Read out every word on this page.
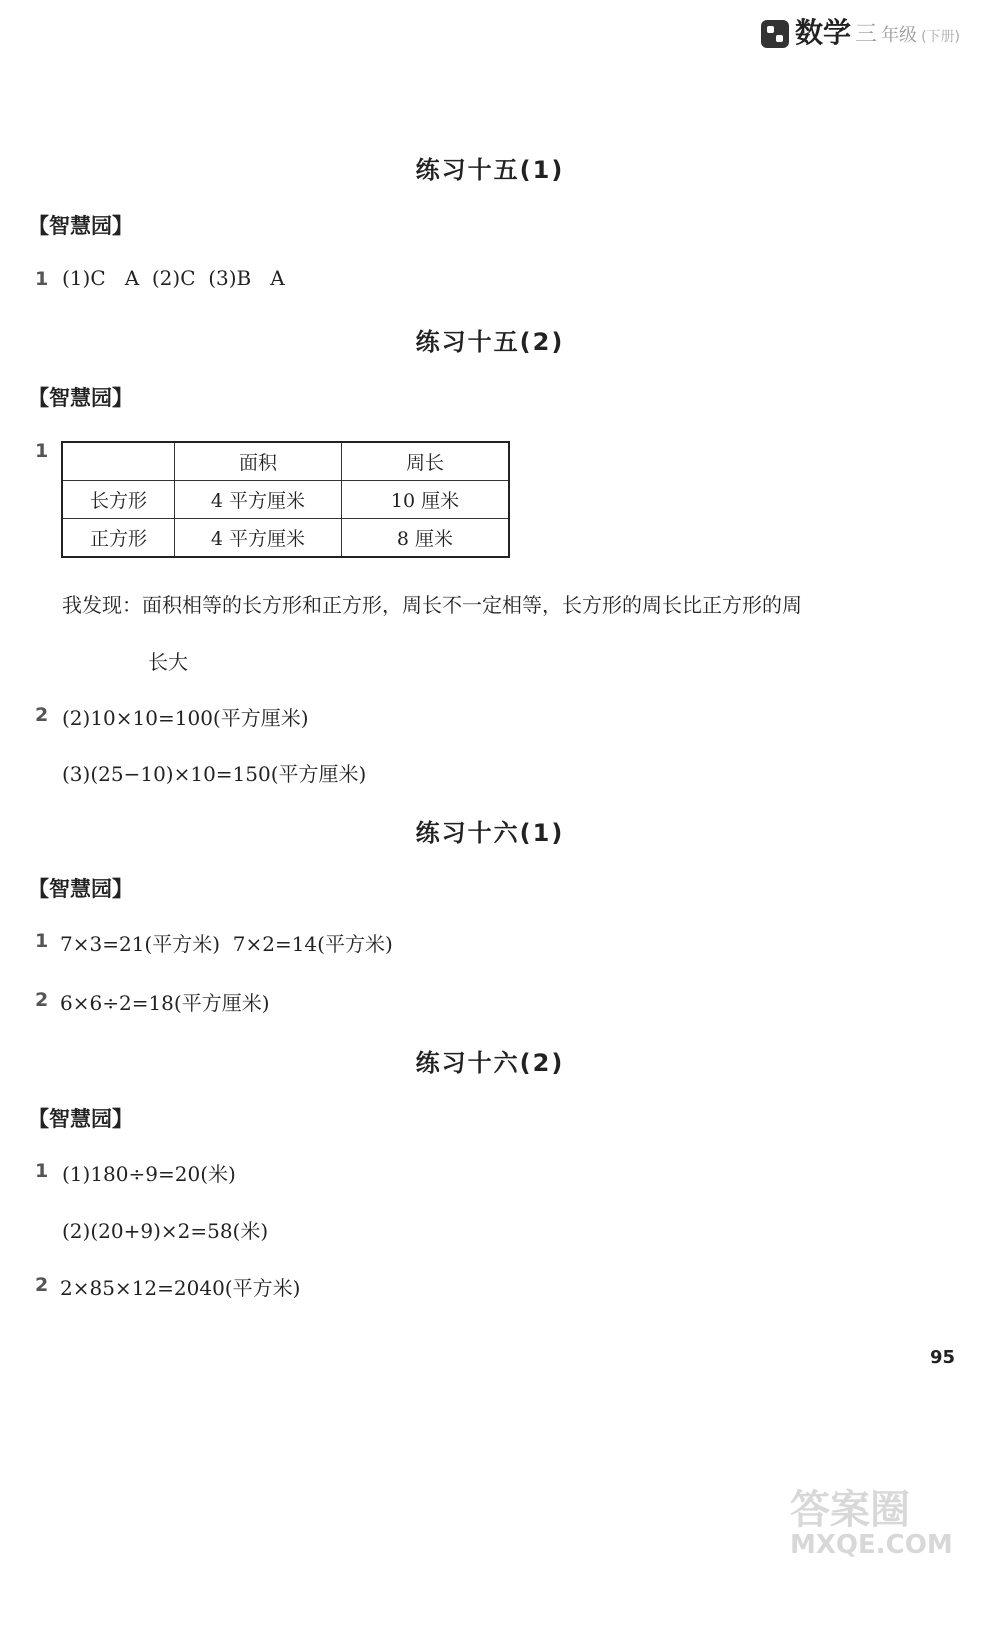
数学 三 年级 (下册)
练习十五(1)
【智慧园】
1 (1)C   A  (2)C  (3)B   A
练习十五(2)
【智慧园】
1
	面积	周长
长方形	4 平方厘米	10 厘米
正方形	4 平方厘米	8 厘米
我发现：面积相等的长方形和正方形，周长不一定相等，长方形的周长比正方形的周
长大
2 (2)10×10=100(平方厘米)
(3)(25−10)×10=150(平方厘米)
练习十六(1)
【智慧园】
1 7×3=21(平方米)  7×2=14(平方米)
2 6×6÷2=18(平方厘米)
练习十六(2)
【智慧园】
1 (1)180÷9=20(米)
(2)(20+9)×2=58(米)
2 2×85×12=2040(平方米)
95
答案圈
MXQE.COM
